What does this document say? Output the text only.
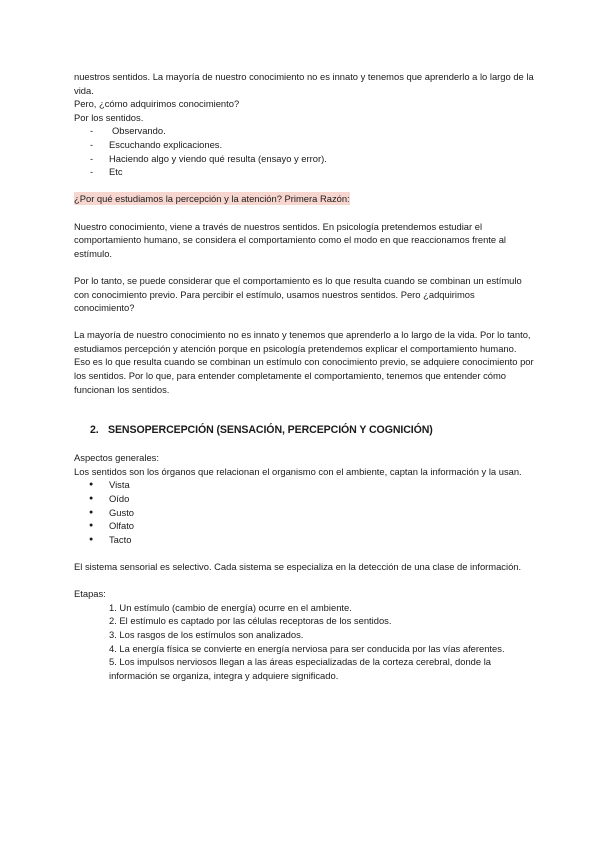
nuestros sentidos. La mayoría de nuestro conocimiento no es innato y tenemos que aprenderlo a lo largo de la vida.

Pero, ¿cómo adquirimos conocimiento?

Por los sentidos.

- Observando.
- Escuchando explicaciones.
- Haciendo algo y viendo qué resulta (ensayo y error).
- Etc

¿Por qué estudiamos la percepción y la atención? Primera Razón:

Nuestro conocimiento, viene a través de nuestros sentidos. En psicología pretendemos estudiar el comportamiento humano, se considera el comportamiento como el modo en que reaccionamos frente al estímulo.

Por lo tanto, se puede considerar que el comportamiento es lo que resulta cuando se combinan un estímulo con conocimiento previo. Para percibir el estímulo, usamos nuestros sentidos. Pero ¿adquirimos conocimiento?

La mayoría de nuestro conocimiento no es innato y tenemos que aprenderlo a lo largo de la vida. Por lo tanto, estudiamos percepción y atención porque en psicología pretendemos explicar el comportamiento humano. Eso es lo que resulta cuando se combinan un estímulo con conocimiento previo, se adquiere conocimiento por los sentidos. Por lo que, para entender completamente el comportamiento, tenemos que entender cómo funcionan los sentidos.

2. SENSOPERCEPCIÓN (SENSACIÓN, PERCEPCIÓN Y COGNICIÓN)

Aspectos generales:

Los sentidos son los órganos que relacionan el organismo con el ambiente, captan la información y la usan.

● Vista
● Oído
● Gusto
● Olfato
● Tacto

El sistema sensorial es selectivo. Cada sistema se especializa en la detección de una clase de información.

Etapas:

1. Un estímulo (cambio de energía) ocurre en el ambiente.
2. El estímulo es captado por las células receptoras de los sentidos.
3. Los rasgos de los estímulos son analizados.
4. La energía física se convierte en energía nerviosa para ser conducida por las vías aferentes.
5. Los impulsos nerviosos llegan a las áreas especializadas de la corteza cerebral, donde la información se organiza, integra y adquiere significado.
